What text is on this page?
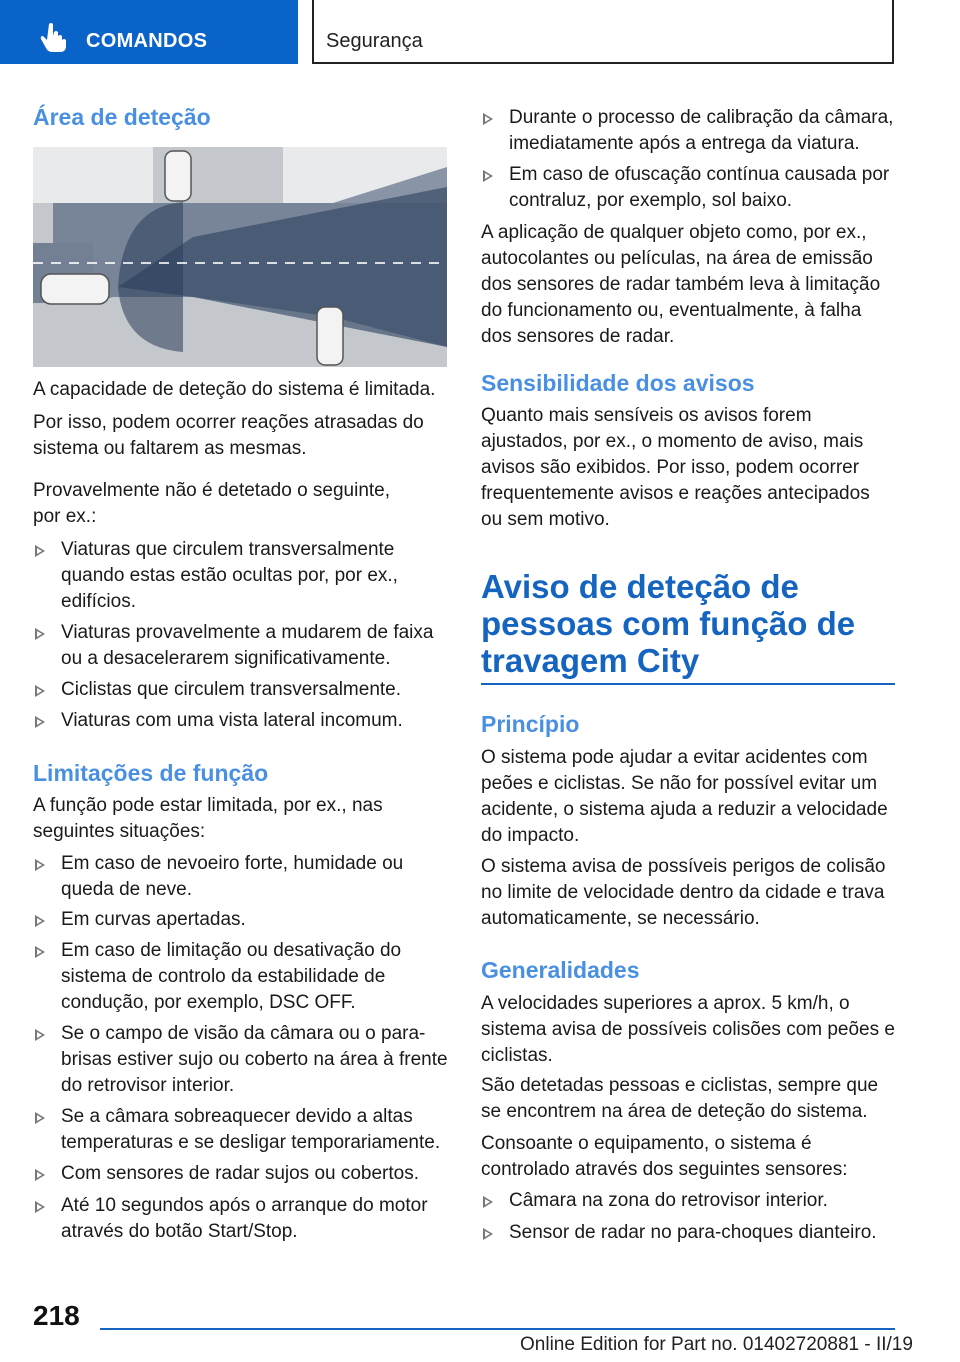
COMANDOS	Segurança
Área de deteção

A capacidade de deteção do sistema é limitada.

Por isso, podem ocorrer reações atrasadas do sistema ou faltarem as mesmas.

Provavelmente não é detetado o seguinte, por ex.:

Viaturas que circulem transversalmente quando estas estão ocultas por, por ex., edifícios.
Viaturas provavelmente a mudarem de faixa ou a desacelerarem significativamente.
Ciclistas que circulem transversalmente.
Viaturas com uma vista lateral incomum.
Limitações de função

A função pode estar limitada, por ex., nas seguintes situações:

Em caso de nevoeiro forte, humidade ou queda de neve.
Em curvas apertadas.
Em caso de limitação ou desativação do sistema de controlo da estabilidade de condução, por exemplo, DSC OFF.
Se o campo de visão da câmara ou o para-brisas estiver sujo ou coberto na área à frente do retrovisor interior.
Se a câmara sobreaquecer devido a altas temperaturas e se desligar temporariamente.
Com sensores de radar sujos ou cobertos.
Até 10 segundos após o arranque do motor através do botão Start/Stop.
Durante o processo de calibração da câmara, imediatamente após a entrega da viatura.
Em caso de ofuscação contínua causada por contraluz, por exemplo, sol baixo.

A aplicação de qualquer objeto como, por ex., autocolantes ou películas, na área de emissão dos sensores de radar também leva à limitação do funcionamento ou, eventualmente, à falha dos sensores de radar.

Sensibilidade dos avisos

Quanto mais sensíveis os avisos forem ajustados, por ex., o momento de aviso, mais avisos são exibidos. Por isso, podem ocorrer frequentemente avisos e reações antecipados ou sem motivo.

Aviso de deteção de pessoas com função de travagem City
Princípio

O sistema pode ajudar a evitar acidentes com peões e ciclistas. Se não for possível evitar um acidente, o sistema ajuda a reduzir a velocidade do impacto.

O sistema avisa de possíveis perigos de colisão no limite de velocidade dentro da cidade e trava automaticamente, se necessário.

Generalidades

A velocidades superiores a aprox. 5 km/h, o sistema avisa de possíveis colisões com peões e ciclistas.

São detetadas pessoas e ciclistas, sempre que se encontrem na área de deteção do sistema.

Consoante o equipamento, o sistema é controlado através dos seguintes sensores:

Câmara na zona do retrovisor interior.
Sensor de radar no para-choques dianteiro.
218
Online Edition for Part no. 01402720881 - II/19
